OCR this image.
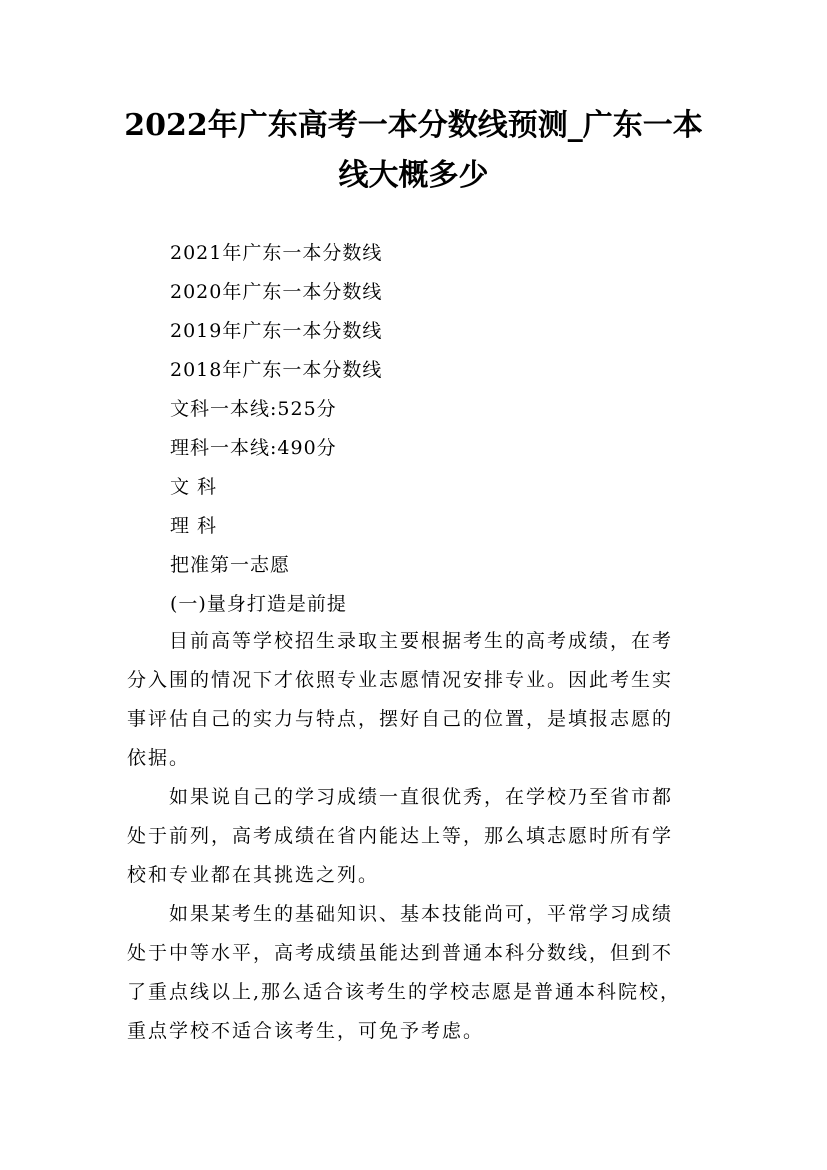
2022年广东高考一本分数线预测_广东一本
线大概多少
2021年广东一本分数线
2020年广东一本分数线
2019年广东一本分数线
2018年广东一本分数线
文科一本线:525分
理科一本线:490分
文 科
理 科
把准第一志愿
(一)量身打造是前提
目前高等学校招生录取主要根据考生的高考成绩，在考
分入围的情况下才依照专业志愿情况安排专业。因此考生实
事评估自己的实力与特点，摆好自己的位置，是填报志愿的
依据。
如果说自己的学习成绩一直很优秀，在学校乃至省市都
处于前列，高考成绩在省内能达上等，那么填志愿时所有学
校和专业都在其挑选之列。
如果某考生的基础知识、基本技能尚可，平常学习成绩
处于中等水平，高考成绩虽能达到普通本科分数线，但到不
了重点线以上,那么适合该考生的学校志愿是普通本科院校，
重点学校不适合该考生，可免予考虑。
